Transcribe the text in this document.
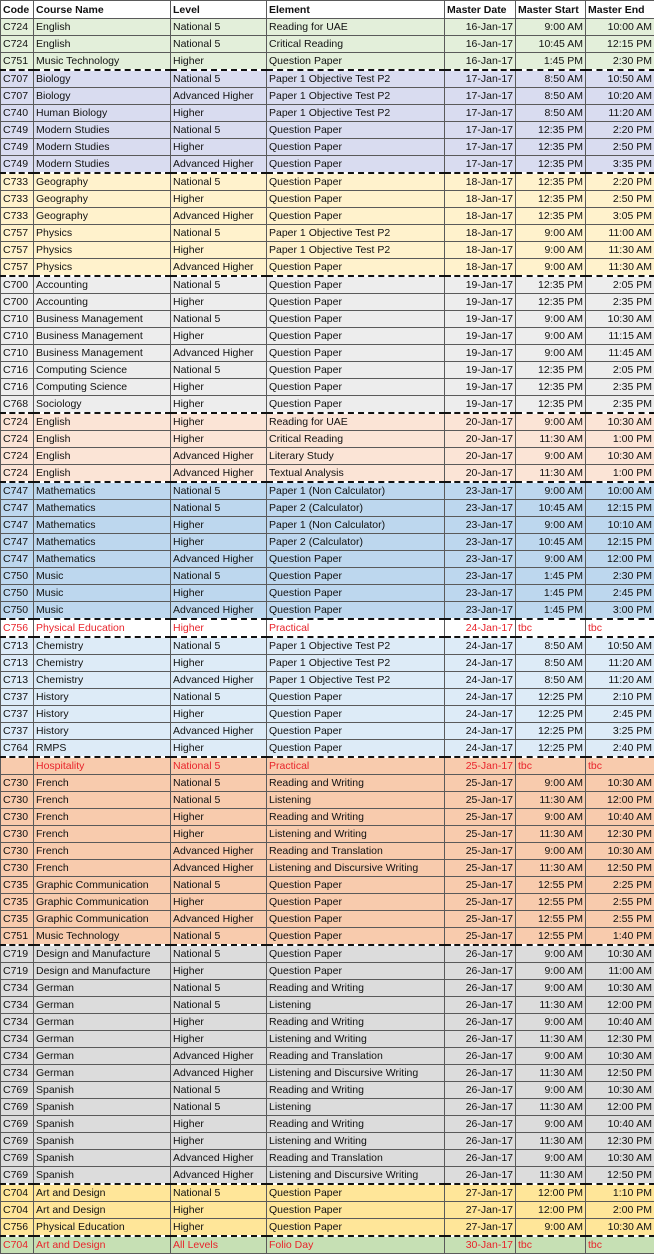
Code	Course Name	Level	Element	Master Date	Master Start	Master End
C724	English	National 5	Reading for UAE	16-Jan-17	9:00 AM	10:00 AM
C724	English	National 5	Critical Reading	16-Jan-17	10:45 AM	12:15 PM
C751	Music Technology	Higher	Question Paper	16-Jan-17	1:45 PM	2:30 PM
C707	Biology	National 5	Paper 1 Objective Test P2	17-Jan-17	8:50 AM	10:50 AM
C707	Biology	Advanced Higher	Paper 1 Objective Test P2	17-Jan-17	8:50 AM	10:20 AM
C740	Human Biology	Higher	Paper 1 Objective Test P2	17-Jan-17	8:50 AM	11:20 AM
C749	Modern Studies	National 5	Question Paper	17-Jan-17	12:35 PM	2:20 PM
C749	Modern Studies	Higher	Question Paper	17-Jan-17	12:35 PM	2:50 PM
C749	Modern Studies	Advanced Higher	Question Paper	17-Jan-17	12:35 PM	3:35 PM
C733	Geography	National 5	Question Paper	18-Jan-17	12:35 PM	2:20 PM
C733	Geography	Higher	Question Paper	18-Jan-17	12:35 PM	2:50 PM
C733	Geography	Advanced Higher	Question Paper	18-Jan-17	12:35 PM	3:05 PM
C757	Physics	National 5	Paper 1 Objective Test P2	18-Jan-17	9:00 AM	11:00 AM
C757	Physics	Higher	Paper 1 Objective Test P2	18-Jan-17	9:00 AM	11:30 AM
C757	Physics	Advanced Higher	Question Paper	18-Jan-17	9:00 AM	11:30 AM
C700	Accounting	National 5	Question Paper	19-Jan-17	12:35 PM	2:05 PM
C700	Accounting	Higher	Question Paper	19-Jan-17	12:35 PM	2:35 PM
C710	Business Management	National 5	Question Paper	19-Jan-17	9:00 AM	10:30 AM
C710	Business Management	Higher	Question Paper	19-Jan-17	9:00 AM	11:15 AM
C710	Business Management	Advanced Higher	Question Paper	19-Jan-17	9:00 AM	11:45 AM
C716	Computing Science	National 5	Question Paper	19-Jan-17	12:35 PM	2:05 PM
C716	Computing Science	Higher	Question Paper	19-Jan-17	12:35 PM	2:35 PM
C768	Sociology	Higher	Question Paper	19-Jan-17	12:35 PM	2:35 PM
C724	English	Higher	Reading for UAE	20-Jan-17	9:00 AM	10:30 AM
C724	English	Higher	Critical Reading	20-Jan-17	11:30 AM	1:00 PM
C724	English	Advanced Higher	Literary Study	20-Jan-17	9:00 AM	10:30 AM
C724	English	Advanced Higher	Textual Analysis	20-Jan-17	11:30 AM	1:00 PM
C747	Mathematics	National 5	Paper 1 (Non Calculator)	23-Jan-17	9:00 AM	10:00 AM
C747	Mathematics	National 5	Paper 2 (Calculator)	23-Jan-17	10:45 AM	12:15 PM
C747	Mathematics	Higher	Paper 1 (Non Calculator)	23-Jan-17	9:00 AM	10:10 AM
C747	Mathematics	Higher	Paper 2 (Calculator)	23-Jan-17	10:45 AM	12:15 PM
C747	Mathematics	Advanced Higher	Question Paper	23-Jan-17	9:00 AM	12:00 PM
C750	Music	National 5	Question Paper	23-Jan-17	1:45 PM	2:30 PM
C750	Music	Higher	Question Paper	23-Jan-17	1:45 PM	2:45 PM
C750	Music	Advanced Higher	Question Paper	23-Jan-17	1:45 PM	3:00 PM
C756	Physical Education	Higher	Practical	24-Jan-17	tbc	tbc
C713	Chemistry	National 5	Paper 1 Objective Test P2	24-Jan-17	8:50 AM	10:50 AM
C713	Chemistry	Higher	Paper 1 Objective Test P2	24-Jan-17	8:50 AM	11:20 AM
C713	Chemistry	Advanced Higher	Paper 1 Objective Test P2	24-Jan-17	8:50 AM	11:20 AM
C737	History	National 5	Question Paper	24-Jan-17	12:25 PM	2:10 PM
C737	History	Higher	Question Paper	24-Jan-17	12:25 PM	2:45 PM
C737	History	Advanced Higher	Question Paper	24-Jan-17	12:25 PM	3:25 PM
C764	RMPS	Higher	Question Paper	24-Jan-17	12:25 PM	2:40 PM
	Hospitality	National 5	Practical	25-Jan-17	tbc	tbc
C730	French	National 5	Reading and Writing	25-Jan-17	9:00 AM	10:30 AM
C730	French	National 5	Listening	25-Jan-17	11:30 AM	12:00 PM
C730	French	Higher	Reading and Writing	25-Jan-17	9:00 AM	10:40 AM
C730	French	Higher	Listening and Writing	25-Jan-17	11:30 AM	12:30 PM
C730	French	Advanced Higher	Reading and Translation	25-Jan-17	9:00 AM	10:30 AM
C730	French	Advanced Higher	Listening and Discursive Writing	25-Jan-17	11:30 AM	12:50 PM
C735	Graphic Communication	National 5	Question Paper	25-Jan-17	12:55 PM	2:25 PM
C735	Graphic Communication	Higher	Question Paper	25-Jan-17	12:55 PM	2:55 PM
C735	Graphic Communication	Advanced Higher	Question Paper	25-Jan-17	12:55 PM	2:55 PM
C751	Music Technology	National 5	Question Paper	25-Jan-17	12:55 PM	1:40 PM
C719	Design and Manufacture	National 5	Question Paper	26-Jan-17	9:00 AM	10:30 AM
C719	Design and Manufacture	Higher	Question Paper	26-Jan-17	9:00 AM	11:00 AM
C734	German	National 5	Reading and Writing	26-Jan-17	9:00 AM	10:30 AM
C734	German	National 5	Listening	26-Jan-17	11:30 AM	12:00 PM
C734	German	Higher	Reading and Writing	26-Jan-17	9:00 AM	10:40 AM
C734	German	Higher	Listening and Writing	26-Jan-17	11:30 AM	12:30 PM
C734	German	Advanced Higher	Reading and Translation	26-Jan-17	9:00 AM	10:30 AM
C734	German	Advanced Higher	Listening and Discursive Writing	26-Jan-17	11:30 AM	12:50 PM
C769	Spanish	National 5	Reading and Writing	26-Jan-17	9:00 AM	10:30 AM
C769	Spanish	National 5	Listening	26-Jan-17	11:30 AM	12:00 PM
C769	Spanish	Higher	Reading and Writing	26-Jan-17	9:00 AM	10:40 AM
C769	Spanish	Higher	Listening and Writing	26-Jan-17	11:30 AM	12:30 PM
C769	Spanish	Advanced Higher	Reading and Translation	26-Jan-17	9:00 AM	10:30 AM
C769	Spanish	Advanced Higher	Listening and Discursive Writing	26-Jan-17	11:30 AM	12:50 PM
C704	Art and Design	National 5	Question Paper	27-Jan-17	12:00 PM	1:10 PM
C704	Art and Design	Higher	Question Paper	27-Jan-17	12:00 PM	2:00 PM
C756	Physical Education	Higher	Question Paper	27-Jan-17	9:00 AM	10:30 AM
C704	Art and Design	All Levels	Folio Day	30-Jan-17	tbc	tbc
